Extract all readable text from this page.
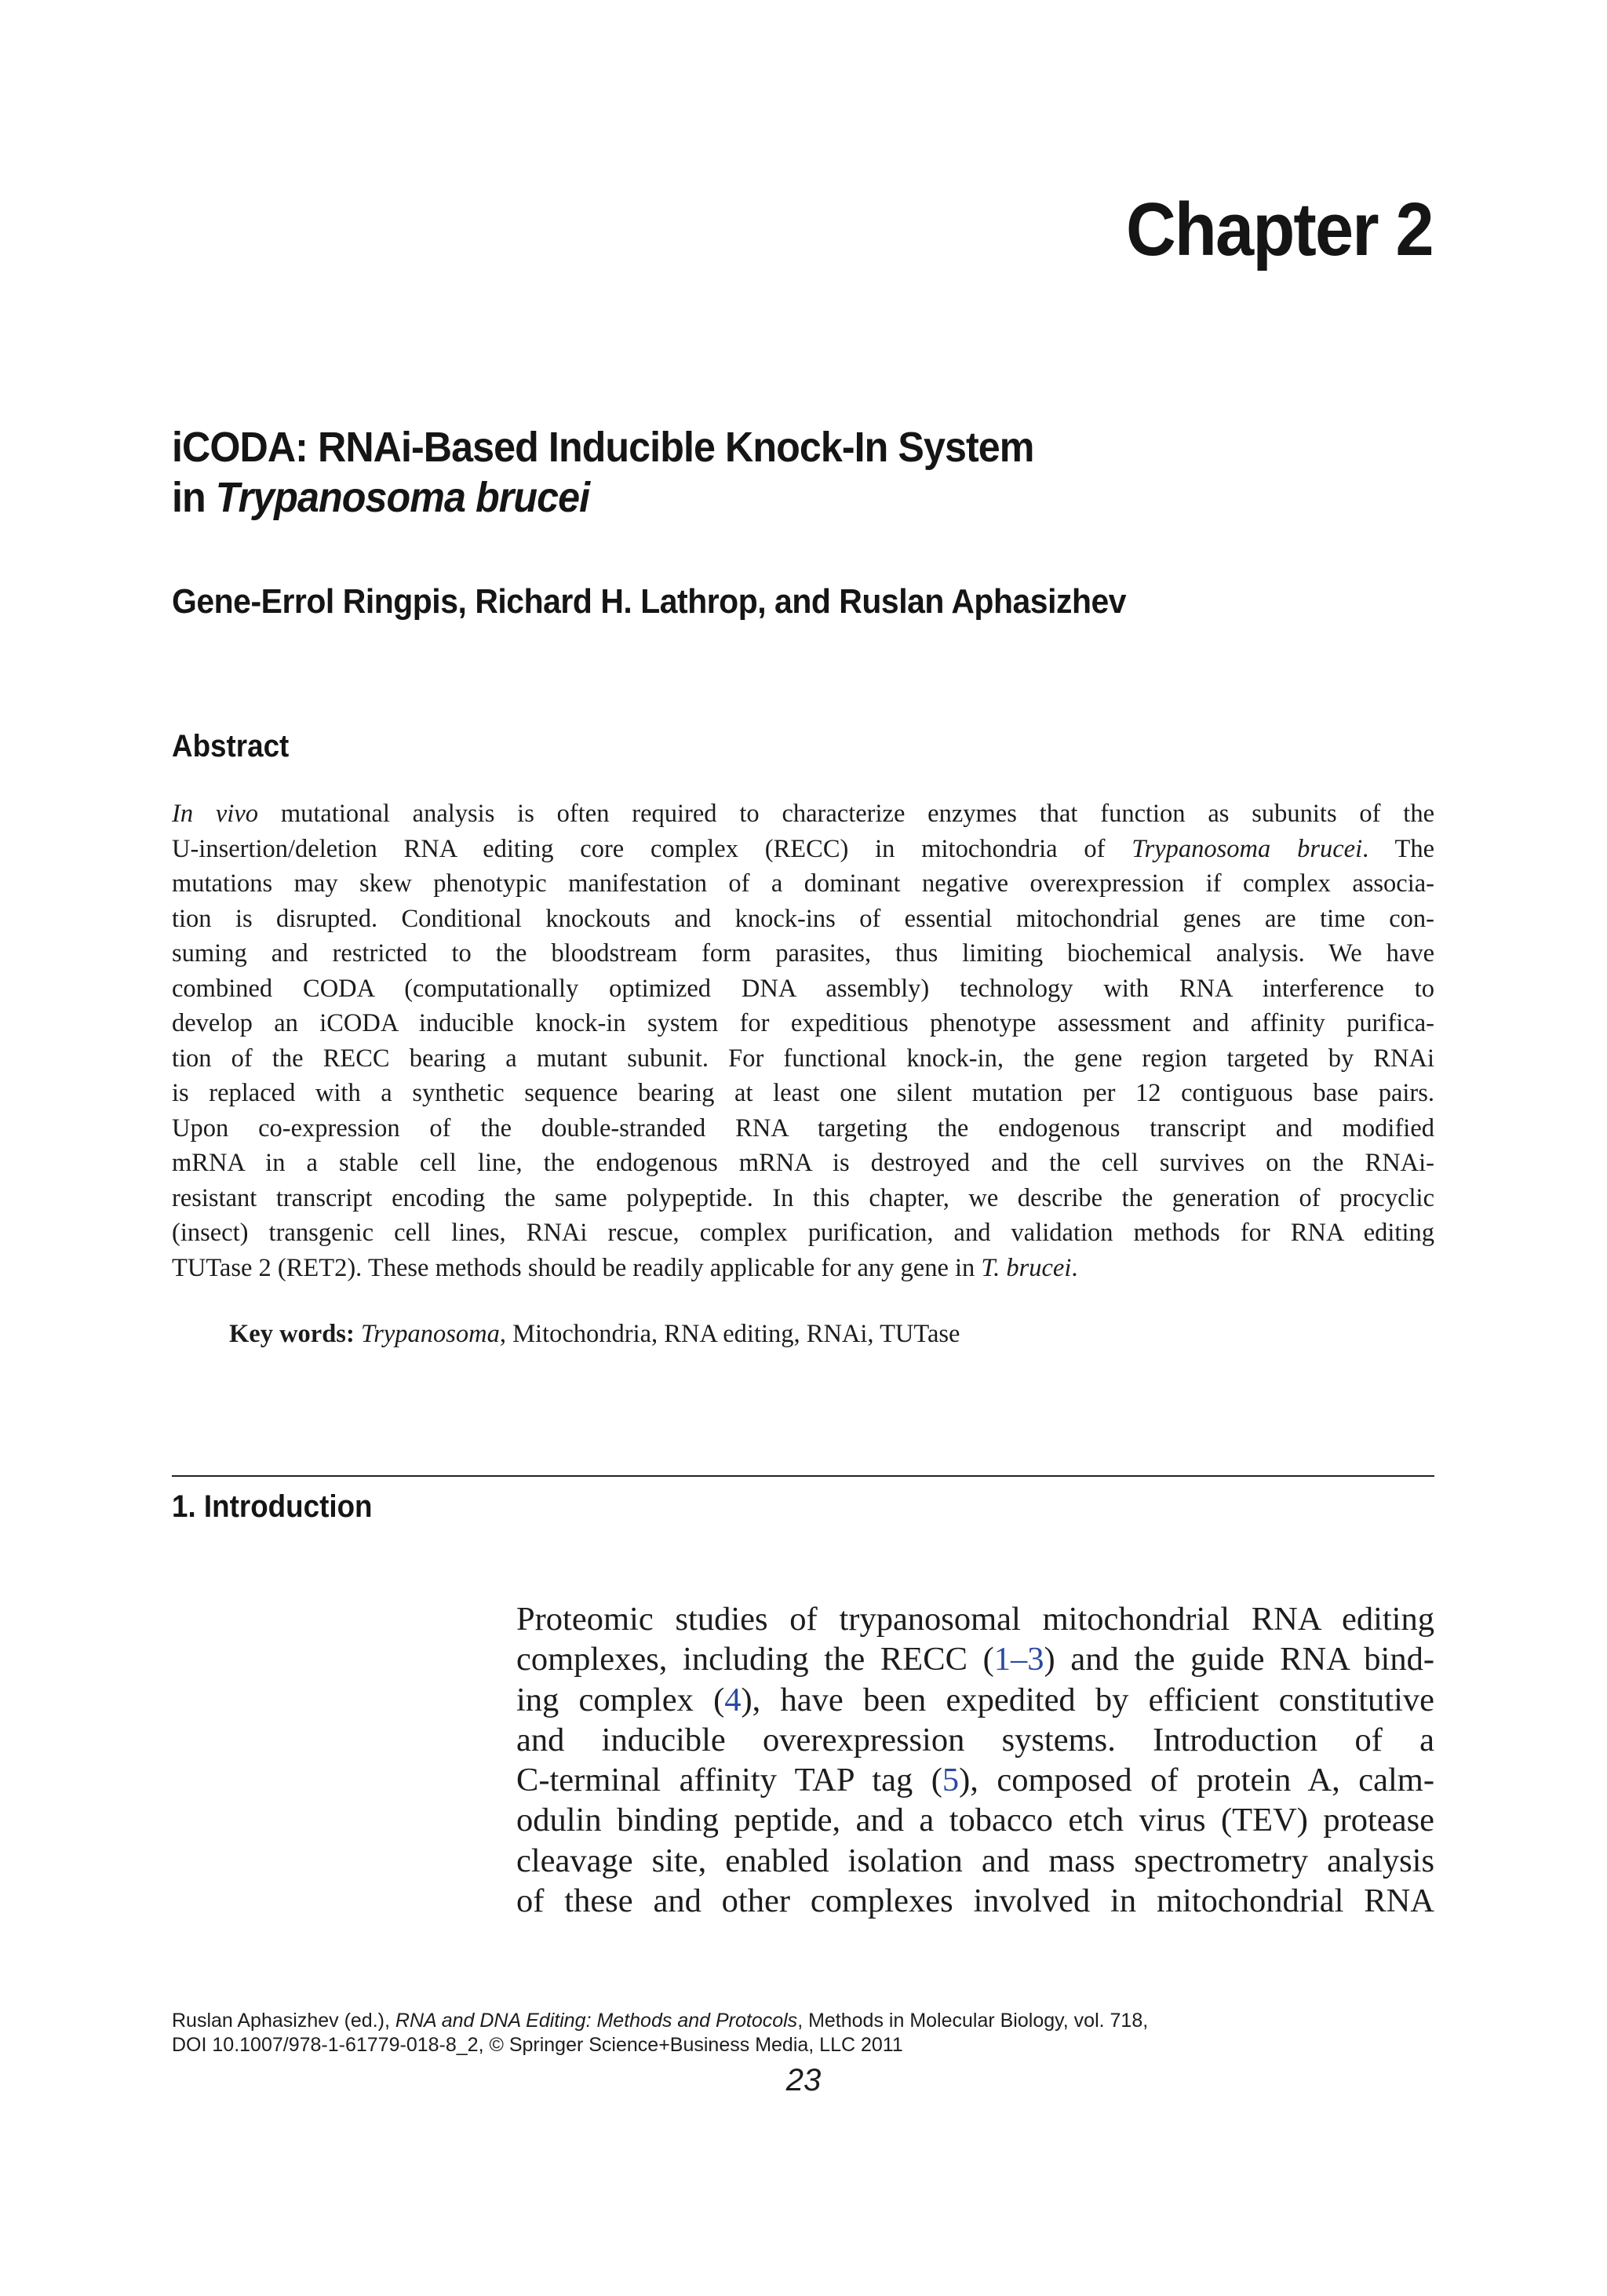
Chapter 2
iCODA: RNAi-Based Inducible Knock-In System
in Trypanosoma brucei
Gene-Errol Ringpis, Richard H. Lathrop, and Ruslan Aphasizhev
Abstract
In vivo mutational analysis is often required to characterize enzymes that function as subunits of the
U-insertion/deletion RNA editing core complex (RECC) in mitochondria of Trypanosoma brucei. The
mutations may skew phenotypic manifestation of a dominant negative overexpression if complex associa-
tion is disrupted. Conditional knockouts and knock-ins of essential mitochondrial genes are time con-
suming and restricted to the bloodstream form parasites, thus limiting biochemical analysis. We have
combined CODA (computationally optimized DNA assembly) technology with RNA interference to
develop an iCODA inducible knock-in system for expeditious phenotype assessment and affinity purifica-
tion of the RECC bearing a mutant subunit. For functional knock-in, the gene region targeted by RNAi
is replaced with a synthetic sequence bearing at least one silent mutation per 12 contiguous base pairs.
Upon co-expression of the double-stranded RNA targeting the endogenous transcript and modified
mRNA in a stable cell line, the endogenous mRNA is destroyed and the cell survives on the RNAi-
resistant transcript encoding the same polypeptide. In this chapter, we describe the generation of procyclic
(insect) transgenic cell lines, RNAi rescue, complex purification, and validation methods for RNA editing
TUTase 2 (RET2). These methods should be readily applicable for any gene in T. brucei.
Key words: Trypanosoma, Mitochondria, RNA editing, RNAi, TUTase
1. Introduction
Proteomic studies of trypanosomal mitochondrial RNA editing
complexes, including the RECC (1–3) and the guide RNA bind-
ing complex (4), have been expedited by efficient constitutive
and inducible overexpression systems. Introduction of a
C-terminal affinity TAP tag (5), composed of protein A, calm-
odulin binding peptide, and a tobacco etch virus (TEV) protease
cleavage site, enabled isolation and mass spectrometry analysis
of these and other complexes involved in mitochondrial RNA
Ruslan Aphasizhev (ed.), RNA and DNA Editing: Methods and Protocols, Methods in Molecular Biology, vol. 718,
DOI 10.1007/978-1-61779-018-8_2, © Springer Science+Business Media, LLC 2011
23
